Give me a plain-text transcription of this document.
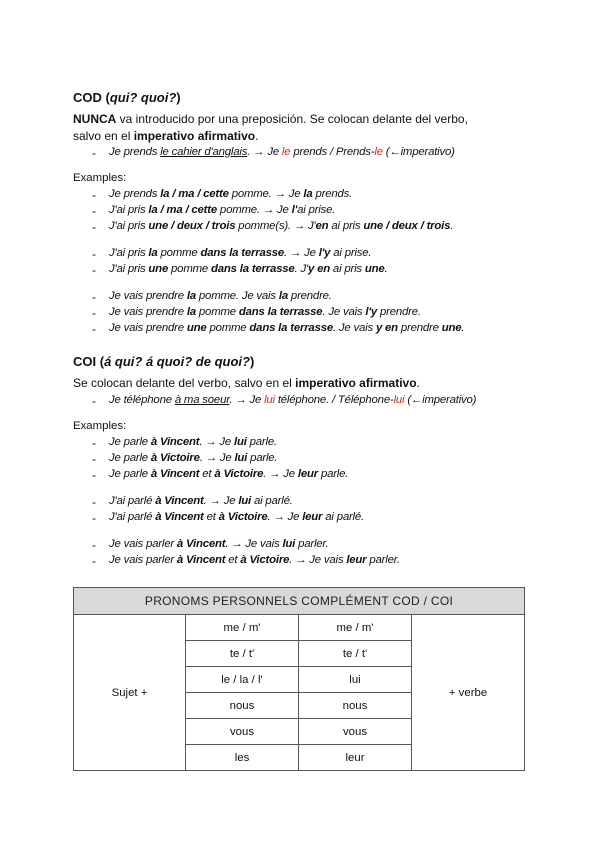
COD (qui? quoi?)
NUNCA va introducido por una preposición. Se colocan delante del verbo,
salvo en el imperativo afirmativo.
- Je prends le cahier d'anglais. → Je le prends / Prends-le (←imperativo)
Examples:
- Je prends la / ma / cette pomme. → Je la prends.
- J'ai pris la / ma / cette pomme. → Je l'ai prise.
- J'ai pris une / deux / trois pomme(s). → J'en ai pris une / deux / trois.
- J'ai pris la pomme dans la terrasse. → Je l'y ai prise.
- J'ai pris une pomme dans la terrasse. J'y en ai pris une.
- Je vais prendre la pomme. Je vais la prendre.
- Je vais prendre la pomme dans la terrasse. Je vais l'y prendre.
- Je vais prendre une pomme dans la terrasse. Je vais y en prendre une.
COI (á qui? á quoi? de quoi?)
Se colocan delante del verbo, salvo en el imperativo afirmativo.
- Je téléphone à ma soeur. → Je lui téléphone. / Téléphone-lui (←imperativo)
Examples:
- Je parle à Vincent. → Je lui parle.
- Je parle à Victoire. → Je lui parle.
- Je parle à Vincent et à Victoire. → Je leur parle.
- J'ai parlé à Vincent. → Je lui ai parlé.
- J'ai parlé à Vincent et à Victoire. → Je leur ai parlé.
- Je vais parler à Vincent. → Je vais lui parler.
- Je vais parler à Vincent et à Victoire. → Je vais leur parler.
PRONOMS PERSONNELS COMPLÉMENT COD / COI			
Sujet +	me / m'	me / m'	+ verbe
	te / t'	te / t'	
	le / la / l'	lui	
	nous	nous	
	vous	vous	
	les	leur	
